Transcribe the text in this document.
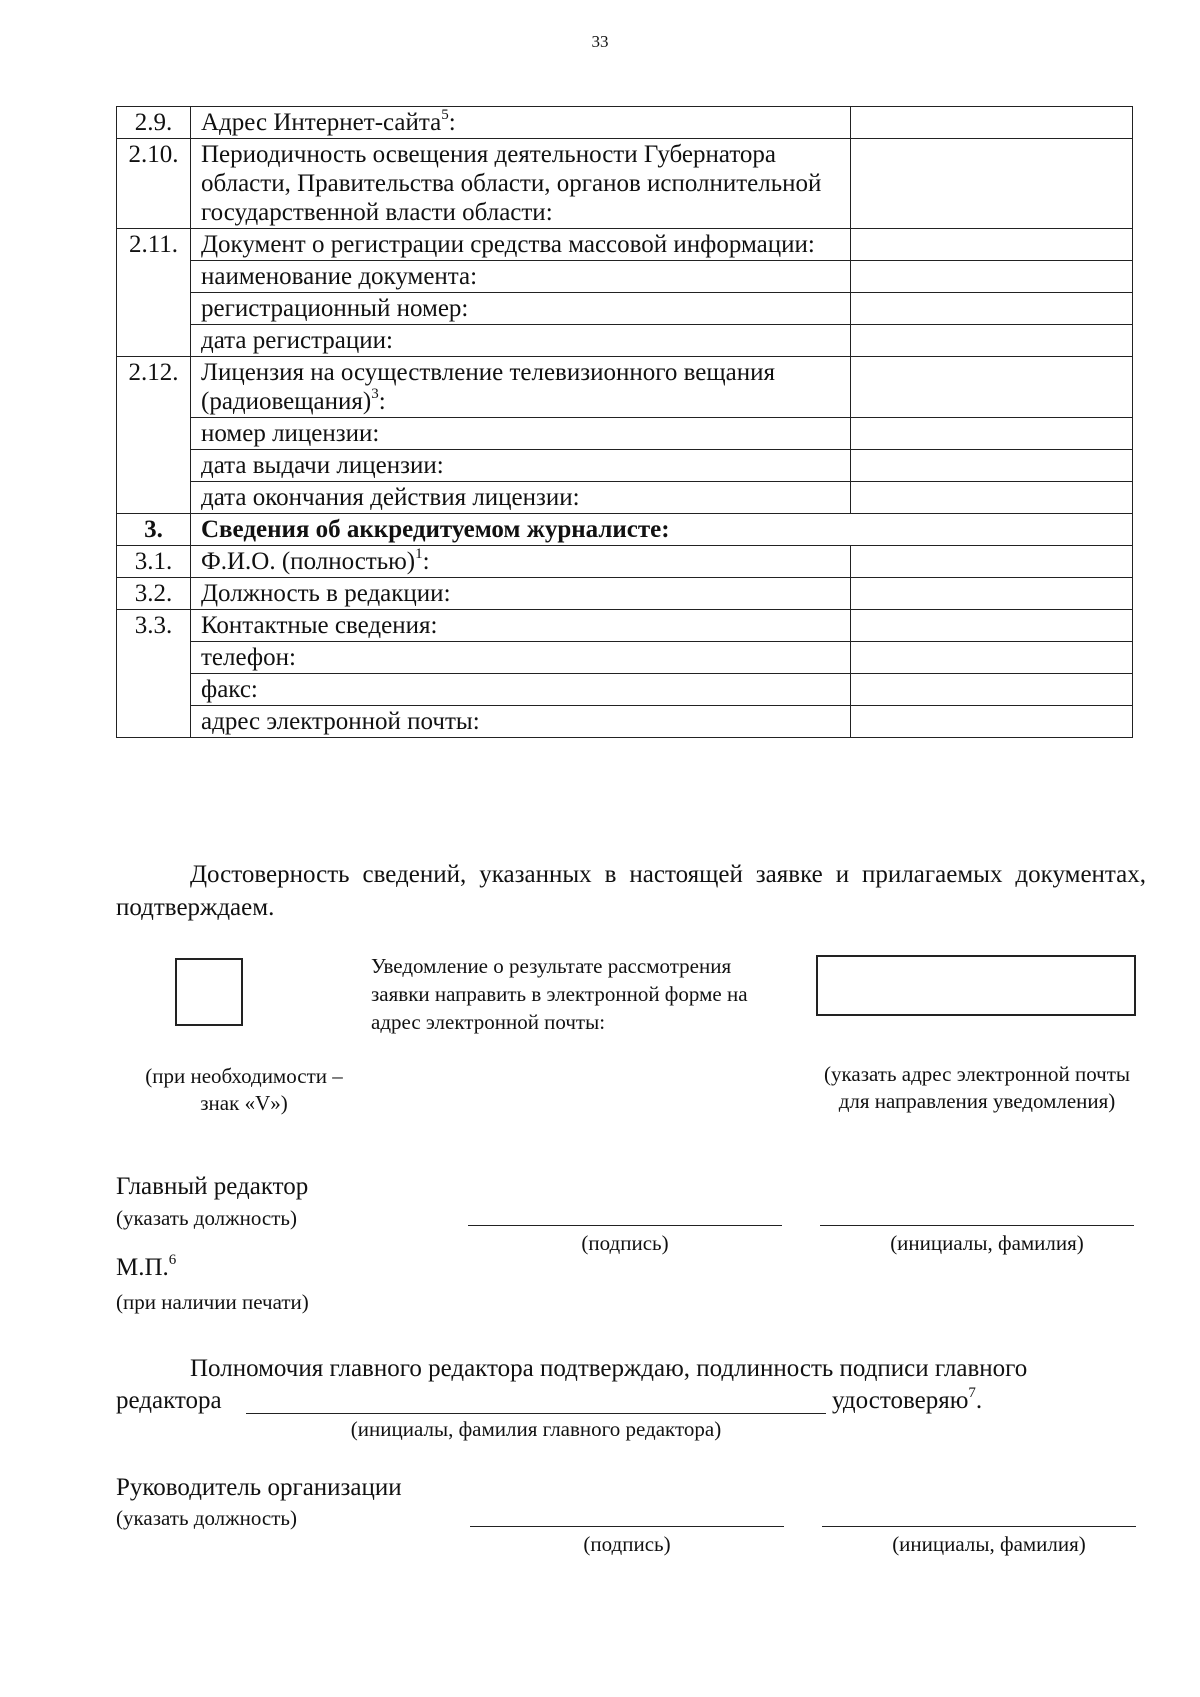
33
2.9.	Адрес Интернет-сайта$^5$:	
2.10.	Периодичность освещения деятельности Губернатора области, Правительства области, органов исполнительной государственной власти области:	
2.11.	Документ о регистрации средства массовой информации:	
	наименование документа:	
	регистрационный номер:	
	дата регистрации:	
2.12.	Лицензия на осуществление телевизионного вещания (радиовещания)$^3$:	
	номер лицензии:	
	дата выдачи лицензии:	
	дата окончания действия лицензии:	
3.	Сведения об аккредитуемом журналисте:	
3.1.	Ф.И.О. (полностью)$^1$:	
3.2.	Должность в редакции:	
3.3.	Контактные сведения:	
	телефон:	
	факс:	
	адрес электронной почты:	
Достоверность сведений, указанных в настоящей заявке и прилагаемых документах, подтверждаем.
Уведомление о результате рассмотрения заявки направить в электронной форме на адрес электронной почты:
(при необходимости –
знак «V»)
(указать адрес электронной почты для направления уведомления)
Главный редактор
(указать должность)
(подпись)	(инициалы, фамилия)
М.П.$^6$
(при наличии печати)
Полномочия главного редактора подтверждаю, подлинность подписи главного
редактора	удостоверяю$^7$.
(инициалы, фамилия главного редактора)
Руководитель организации
(указать должность)
(подпись)	(инициалы, фамилия)
